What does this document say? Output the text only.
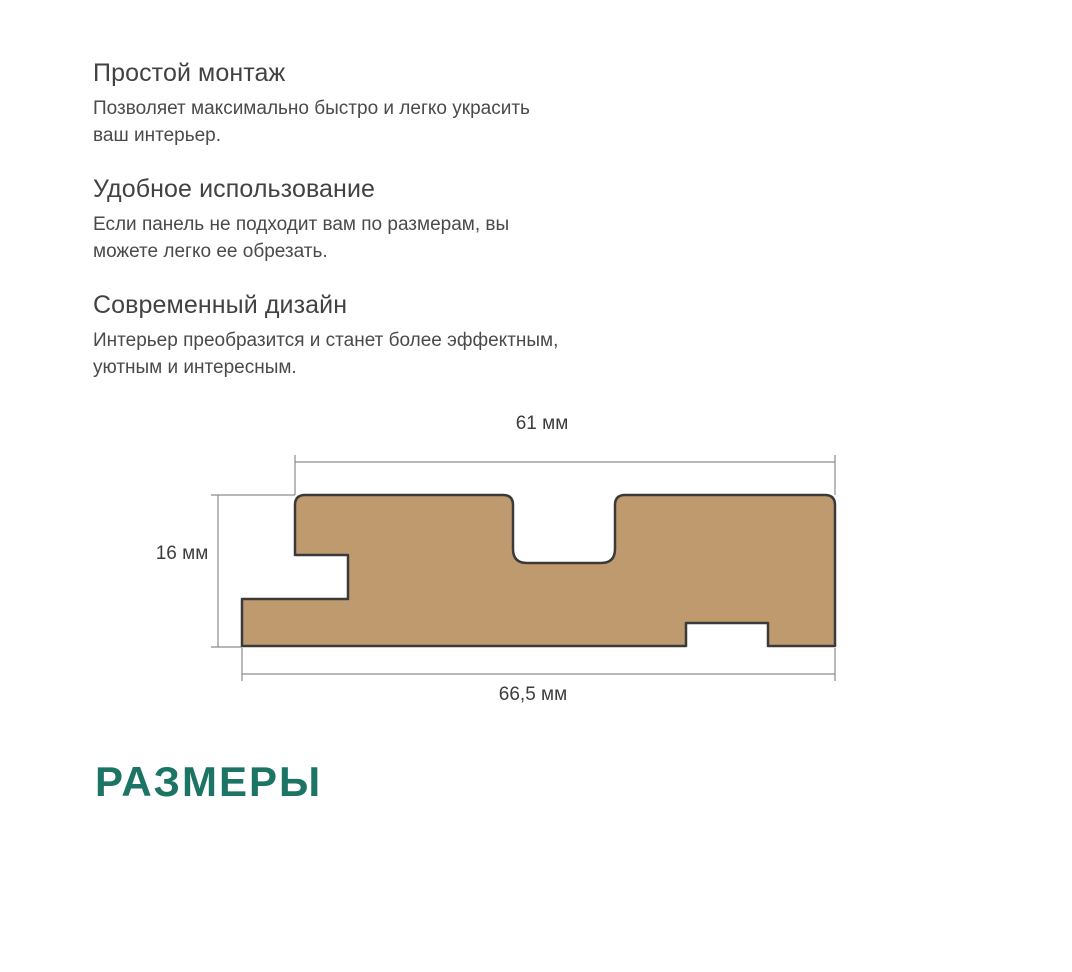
Простой монтаж

Позволяет максимально быстро и легко украсить ваш интерьер.

Удобное использование

Если панель не подходит вам по размерам, вы можете легко ее обрезать.

Современный дизайн

Интерьер преобразится и станет более эффектным, уютным и интересным.

61 мм
16 мм
66,5 мм
РАЗМЕРЫ
